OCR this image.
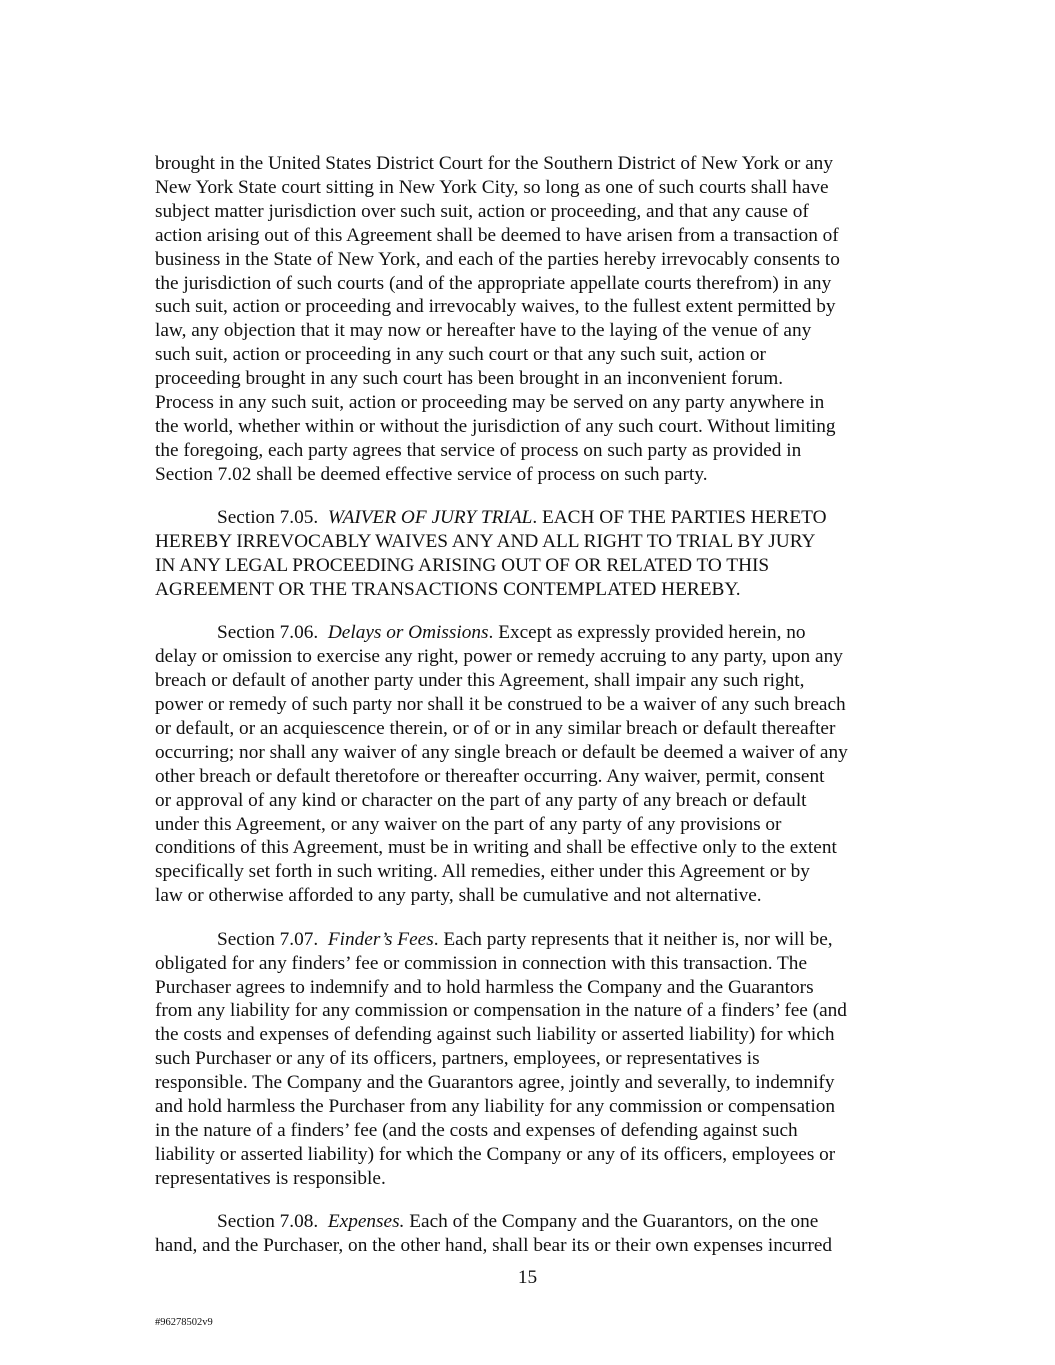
brought in the United States District Court for the Southern District of New York or any
New York State court sitting in New York City, so long as one of such courts shall have
subject matter jurisdiction over such suit, action or proceeding, and that any cause of
action arising out of this Agreement shall be deemed to have arisen from a transaction of
business in the State of New York, and each of the parties hereby irrevocably consents to
the jurisdiction of such courts (and of the appropriate appellate courts therefrom) in any
such suit, action or proceeding and irrevocably waives, to the fullest extent permitted by
law, any objection that it may now or hereafter have to the laying of the venue of any
such suit, action or proceeding in any such court or that any such suit, action or
proceeding brought in any such court has been brought in an inconvenient forum.
Process in any such suit, action or proceeding may be served on any party anywhere in
the world, whether within or without the jurisdiction of any such court. Without limiting
the foregoing, each party agrees that service of process on such party as provided in
Section 7.02 shall be deemed effective service of process on such party.

Section 7.05. WAIVER OF JURY TRIAL. EACH OF THE PARTIES HERETO
HEREBY IRREVOCABLY WAIVES ANY AND ALL RIGHT TO TRIAL BY JURY
IN ANY LEGAL PROCEEDING ARISING OUT OF OR RELATED TO THIS
AGREEMENT OR THE TRANSACTIONS CONTEMPLATED HEREBY.

Section 7.06. Delays or Omissions. Except as expressly provided herein, no
delay or omission to exercise any right, power or remedy accruing to any party, upon any
breach or default of another party under this Agreement, shall impair any such right,
power or remedy of such party nor shall it be construed to be a waiver of any such breach
or default, or an acquiescence therein, or of or in any similar breach or default thereafter
occurring; nor shall any waiver of any single breach or default be deemed a waiver of any
other breach or default theretofore or thereafter occurring. Any waiver, permit, consent
or approval of any kind or character on the part of any party of any breach or default
under this Agreement, or any waiver on the part of any party of any provisions or
conditions of this Agreement, must be in writing and shall be effective only to the extent
specifically set forth in such writing. All remedies, either under this Agreement or by
law or otherwise afforded to any party, shall be cumulative and not alternative.

Section 7.07. Finder’s Fees. Each party represents that it neither is, nor will be,
obligated for any finders’ fee or commission in connection with this transaction. The
Purchaser agrees to indemnify and to hold harmless the Company and the Guarantors
from any liability for any commission or compensation in the nature of a finders’ fee (and
the costs and expenses of defending against such liability or asserted liability) for which
such Purchaser or any of its officers, partners, employees, or representatives is
responsible. The Company and the Guarantors agree, jointly and severally, to indemnify
and hold harmless the Purchaser from any liability for any commission or compensation
in the nature of a finders’ fee (and the costs and expenses of defending against such
liability or asserted liability) for which the Company or any of its officers, employees or
representatives is responsible.

Section 7.08. Expenses. Each of the Company and the Guarantors, on the one
hand, and the Purchaser, on the other hand, shall bear its or their own expenses incurred

15
#96278502v9
